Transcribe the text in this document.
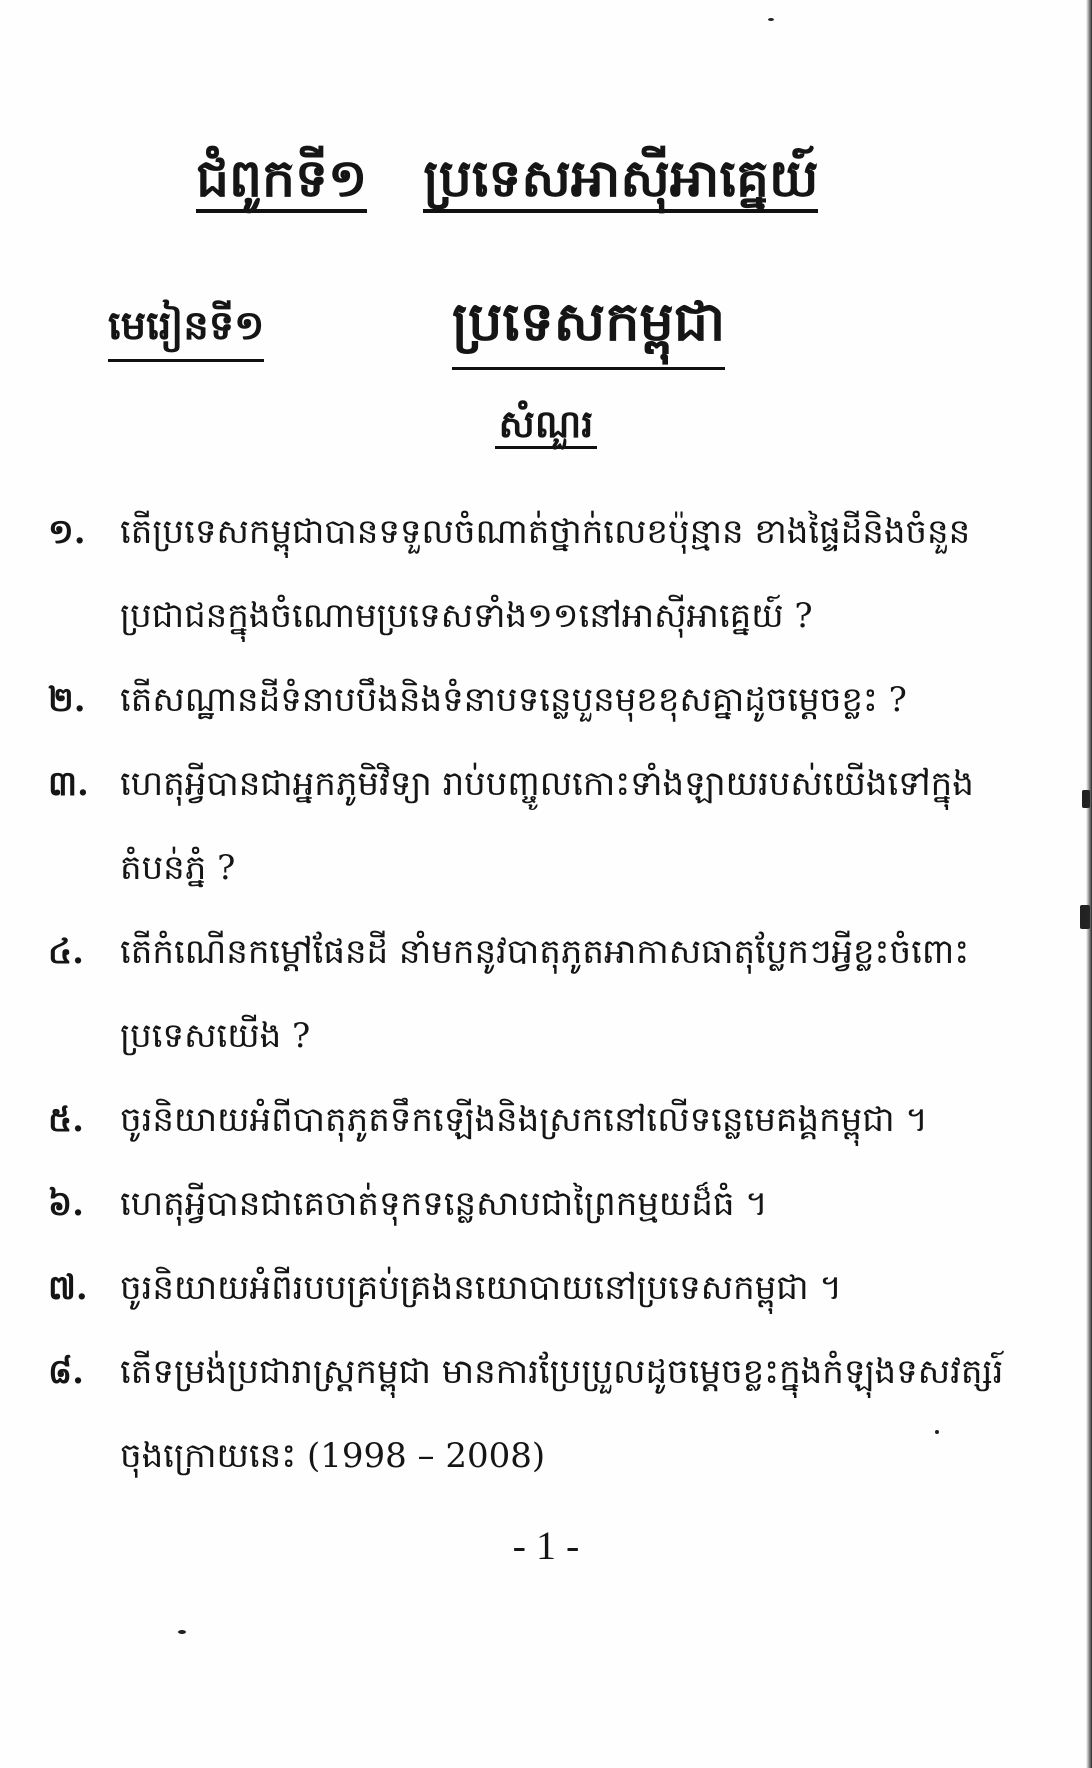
ជំពូកទី១ ប្រទេសអាស៊ីអាគ្នេយ៍
មេរៀនទី១	ប្រទេសកម្ពុជា
សំណួរ
១.	តើប្រទេសកម្ពុជាបានទទួលចំណាត់ថ្នាក់លេខប៉ុន្មាន ខាងផ្ទៃដីនិងចំនួនប្រជាជនក្នុងចំណោមប្រទេសទាំង១១នៅអាស៊ីអាគ្នេយ៍ ?
២.	តើសណ្ឋានដីទំនាបបឹងនិងទំនាបទន្លេបួនមុខខុសគ្នាដូចម្តេចខ្លះ ?
៣. ហេតុអ្វីបានជាអ្នកភូមិវិទ្យា រាប់បញ្ចូលកោះទាំងឡាយរបស់យើងទៅក្នុងតំបន់ភ្នំ ?
៤.	តើកំណើនកម្តៅផែនដី នាំមកនូវបាតុភូតអាកាសធាតុប្លែកៗអ្វីខ្លះចំពោះប្រទេសយើង ?
៥.	ចូរនិយាយអំពីបាតុភូតទឹកឡើងនិងស្រកនៅលើទន្លេមេគង្គកម្ពុជា ។
៦.	ហេតុអ្វីបានជាគេចាត់ទុកទន្លេសាបជាព្រៃកម្មយដ៏ធំ ។
៧. ចូរនិយាយអំពីរបបគ្រប់គ្រងនយោបាយនៅប្រទេសកម្ពុជា ។
៨.	តើទម្រង់ប្រជារាស្ត្រកម្ពុជា មានការប្រែប្រួលដូចម្តេចខ្លះក្នុងកំឡុងទសវត្សរ៍ចុងក្រោយនេះ (1998 – 2008)
- 1 -
